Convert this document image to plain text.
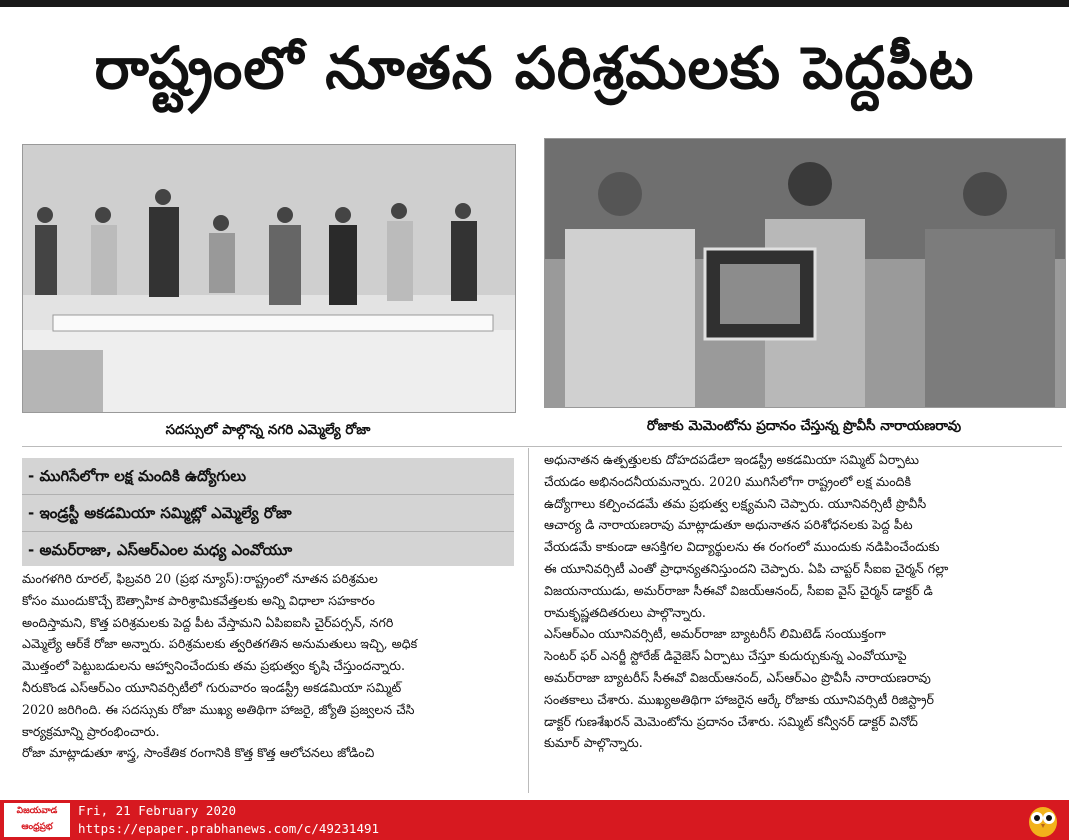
రాష్ట్రంలో నూతన పరిశ్రమలకు పెద్దపీట
సదస్సులో పాల్గొన్న నగరి ఎమ్మెల్యే రోజా	రోజాకు మెమెంటోను ప్రదానం చేస్తున్న ప్రొవీసీ నారాయణరావు
- ముగిసేలోగా లక్ష మందికి ఉద్యోగులు
- ఇండ్రస్టీ అకడమియా సమ్మిట్లో ఎమ్మెల్యే రోజా
- అమర్‌రాజా, ఎస్‌ఆర్‌ఎంల మధ్య ఎంవోయూ
మంగళగిరి రూరల్, ఫిబ్రవరి 20 (ప్రభ న్యూస్):రాష్ట్రంలో నూతన పరిశ్రమల
కోసం ముందుకొచ్చే ఔత్సాహిక పారిశ్రామికవేత్తలకు అన్ని విధాలా సహకారం
అందిస్తామని, కొత్త పరిశ్రమలకు పెద్ద పీట వేస్తామని ఏపిఐఐసి చైర్‌పర్సన్, నగరి
ఎమ్మెల్యే ఆర్‌కే రోజా అన్నారు. పరిశ్రమలకు త్వరితగతిన అనుమతులు ఇచ్చి, అధిక
మొత్తంలో పెట్టుబడులను ఆహ్వానించేందుకు తమ ప్రభుత్వం కృషి చేస్తుందన్నారు.
నీరుకొండ ఎస్‌ఆర్‌ఎం యూనివర్సిటీలో గురువారం ఇండస్ట్రీ అకడమియా సమ్మిట్
2020 జరిగింది. ఈ సదస్సుకు రోజా ముఖ్య అతిథిగా హాజరై, జ్యోతి ప్రజ్వలన చేసి
కార్యక్రమాన్ని ప్రారంభించారు.
రోజా మాట్లాడుతూ శాస్త్ర, సాంకేతిక రంగానికి కొత్త కొత్త ఆలోచనలు జోడించి
అధునాతన ఉత్పత్తులకు దోహదపడేలా ఇండస్ట్రీ అకడమియా సమ్మిట్ ఏర్పాటు
చేయడం అభినందనీయమన్నారు. 2020 ముగిసేలోగా రాష్ట్రంలో లక్ష మందికి
ఉద్యోగాలు కల్పించడమే తమ ప్రభుత్వ లక్ష్యమని చెప్పారు. యూనివర్సిటీ ప్రొవీసీ
ఆచార్య డి నారాయణరావు మాట్లాడుతూ అధునాతన పరిశోధనలకు పెద్ద పీట
వేయడమే కాకుండా ఆసక్తిగల విద్యార్థులను ఈ రంగంలో ముందుకు నడిపించేందుకు
ఈ యూనివర్సిటీ ఎంతో ప్రాధాన్యతనిస్తుందని చెప్పారు. ఏపి చాప్టర్ సీఐఐ చైర్మన్ గల్లా
విజయనాయుడు, అమర్‌రాజా సీఈవో విజయ్‌ఆనంద్, సీఐఐ వైస్ చైర్మన్ డాక్టర్ డి
రామకృష్ణతదితరులు పాల్గొన్నారు.
ఎస్‌ఆర్‌ఎం యూనివర్సిటీ, అమర్‌రాజా బ్యాటరీస్ లిమిటెడ్ సంయుక్తంగా
సెంటర్ ఫర్ ఎనర్జీ స్టోరేజ్ డివైజెస్ ఏర్పాటు చేస్తూ కుదుర్చుకున్న ఎంవోయూపై
అమర్‌రాజా బ్యాటరీస్ సీఈవో విజయ్‌ఆనంద్, ఎస్‌ఆర్‌ఎం ప్రొవీసీ నారాయణరావు
సంతకాలు చేశారు. ముఖ్యఅతిథిగా హాజరైన ఆర్కే రోజాకు యూనివర్సిటీ రిజిస్ట్రార్
డాక్టర్ గుణశేఖరన్ మెమెంటోను ప్రదానం చేశారు. సమ్మిట్ కన్వీనర్ డాక్టర్ వినోద్
కుమార్ పాల్గొన్నారు.
విజయవాడ
ఆంధ్రప్రభ
Fri, 21 February 2020
https://epaper.prabhanews.com/c/49231491
